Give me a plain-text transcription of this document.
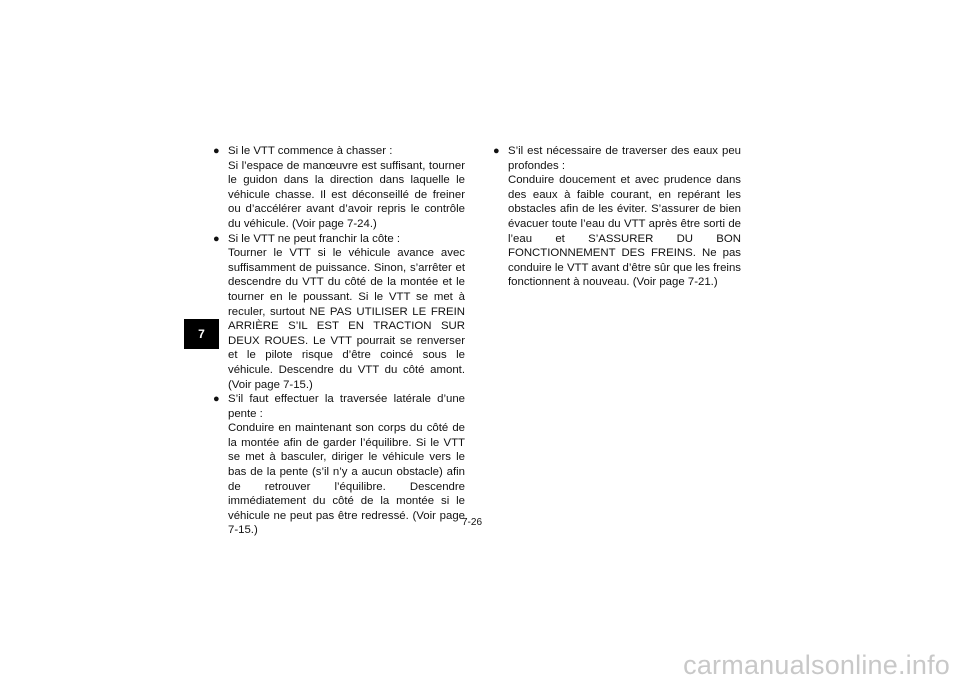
7
● Si le VTT commence à chasser :
Si l’espace de manœuvre est suffisant, tourner le guidon dans la direction dans laquelle le véhicule chasse. Il est déconseillé de freiner ou d’accélérer avant d’avoir repris le contrôle du véhicule. (Voir page 7-24.)
● Si le VTT ne peut franchir la côte :
Tourner le VTT si le véhicule avance avec suffisamment de puissance. Sinon, s’arrêter et descendre du VTT du côté de la montée et le tourner en le poussant. Si le VTT se met à reculer, surtout NE PAS UTILISER LE FREIN ARRIÈRE S’IL EST EN TRACTION SUR DEUX ROUES. Le VTT pourrait se renverser et le pilote risque d’être coincé sous le véhicule. Descendre du VTT du côté amont. (Voir page 7-15.)
● S’il faut effectuer la traversée latérale d’une pente :
Conduire en maintenant son corps du côté de la montée afin de garder l’équilibre. Si le VTT se met à basculer, diriger le véhicule vers le bas de la pente (s’il n’y a aucun obstacle) afin de retrouver l’équilibre. Descendre immédiatement du côté de la montée si le véhicule ne peut pas être redressé. (Voir page 7-15.)
● S’il est nécessaire de traverser des eaux peu profondes :
Conduire doucement et avec prudence dans des eaux à faible courant, en repérant les obstacles afin de les éviter. S’assurer de bien évacuer toute l’eau du VTT après être sorti de l’eau et S’ASSURER DU BON FONCTIONNEMENT DES FREINS. Ne pas conduire le VTT avant d’être sûr que les freins fonctionnent à nouveau. (Voir page 7-21.)
7-26
carmanualsonline.info
